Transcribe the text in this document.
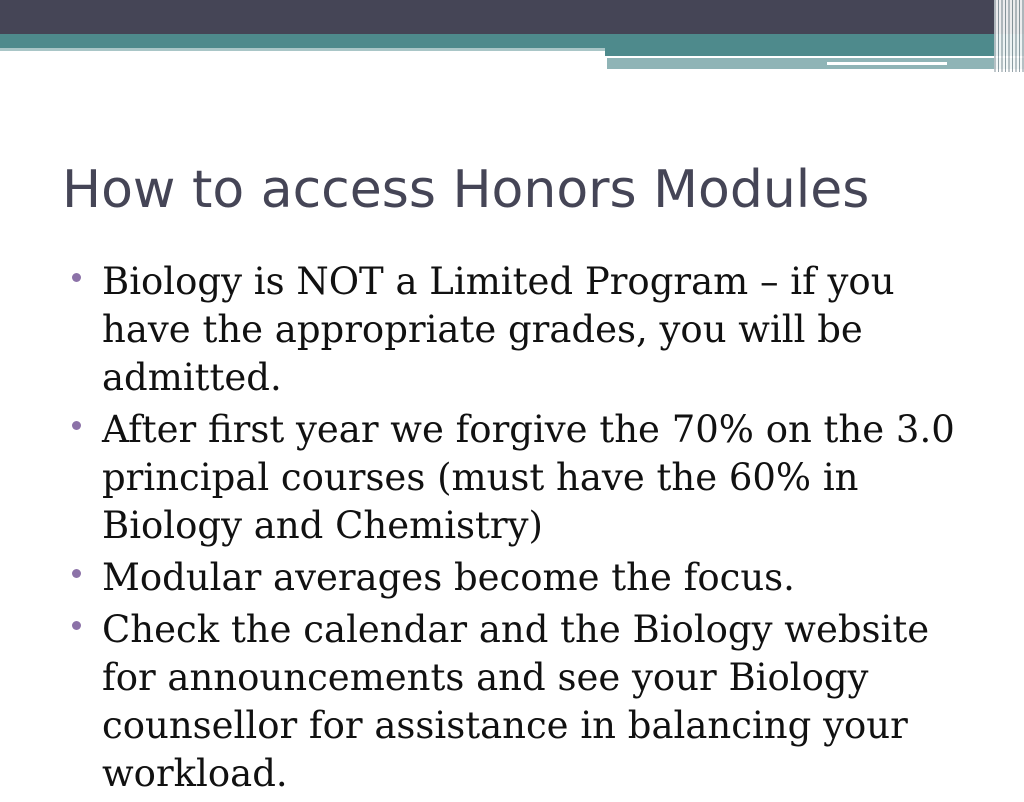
How to access Honors Modules
Biology is NOT a Limited Program – if you have the appropriate grades, you will be admitted.
After first year we forgive the 70% on the 3.0 principal courses (must have the 60% in Biology and Chemistry)
Modular averages become the focus.
Check the calendar and the Biology website for announcements and see your Biology counsellor for assistance in balancing your workload.
